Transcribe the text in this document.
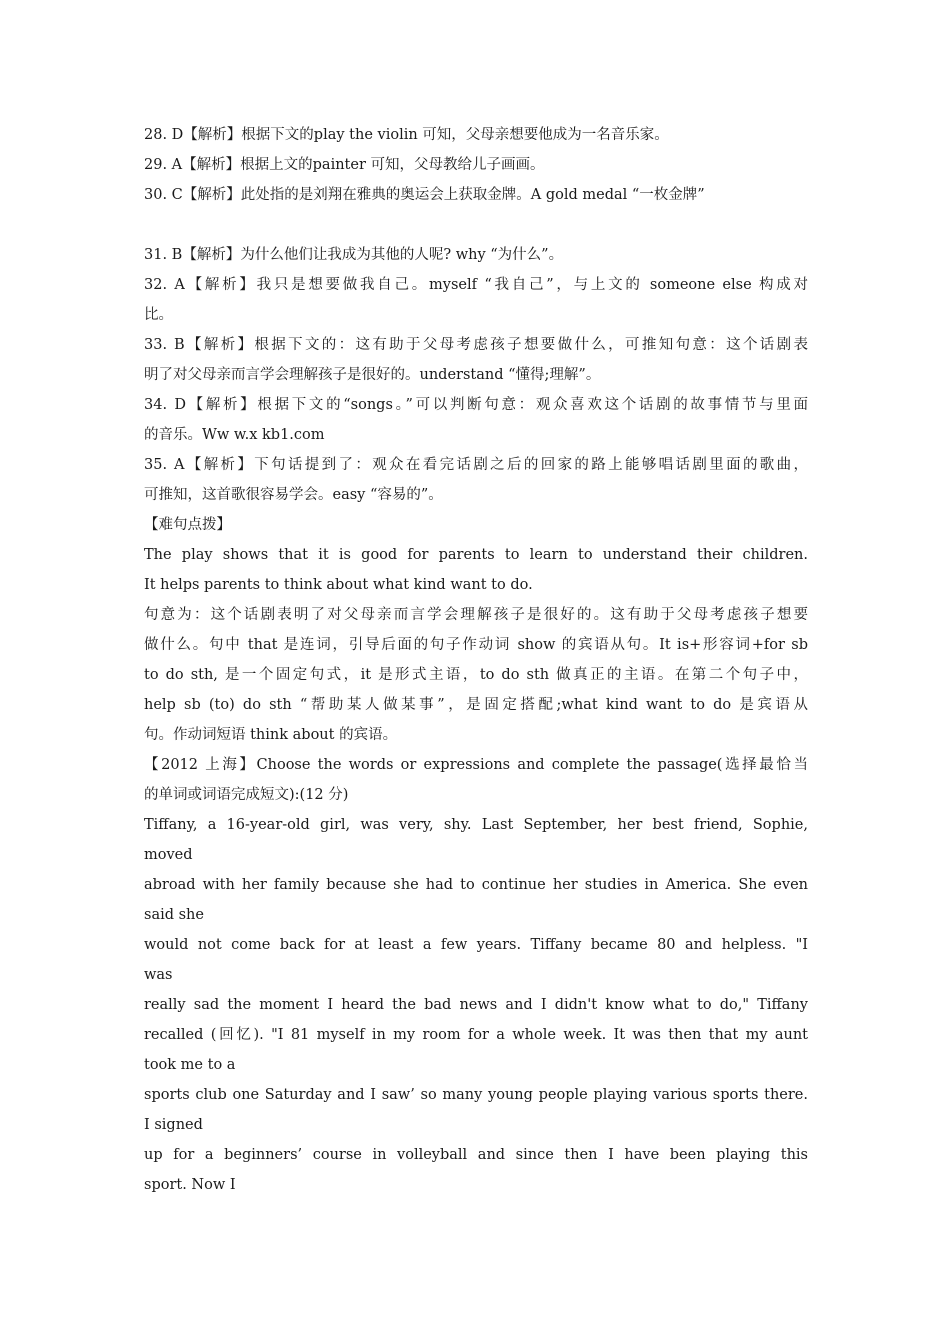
28. D【解析】根据下文的play the violin 可知，父母亲想要他成为一名音乐家。
29. A【解析】根据上文的painter 可知，父母教给儿子画画。
30. C【解析】此处指的是刘翔在雅典的奥运会上获取金牌。A gold medal “一枚金牌”
31. B【解析】为什么他们让我成为其他的人呢? why “为什么”。
32. A【解析】我只是想要做我自己。myself “我自己”，与上文的 someone else 构成对
比。
33. B【解析】根据下文的：这有助于父母考虑孩子想要做什么，可推知句意：这个话剧表
明了对父母亲而言学会理解孩子是很好的。understand “懂得;理解”。
34. D【解析】根据下文的“songs。”可以判断句意：观众喜欢这个话剧的故事情节与里面
的音乐。Ww w.x kb1.com
35. A【解析】下句话提到了：观众在看完话剧之后的回家的路上能够唱话剧里面的歌曲，
可推知，这首歌很容易学会。easy “容易的”。
【难句点拨】
The play shows that it is good for parents to learn to understand their children.
It helps parents to think about what kind want to do.
句意为：这个话剧表明了对父母亲而言学会理解孩子是很好的。这有助于父母考虑孩子想要
做什么。句中 that 是连词，引导后面的句子作动词 show 的宾语从句。It is+形容词+for sb
to do sth, 是一个固定句式，it 是形式主语，to do sth 做真正的主语。在第二个句子中，
help sb (to) do sth “帮助某人做某事”，是固定搭配;what kind want to do 是宾语从
句。作动词短语 think about 的宾语。
【2012 上海】Choose the words or expressions and complete the passage(选择最恰当
的单词或词语完成短文):(12 分)
Tiffany, a 16-year-old girl, was very, shy. Last September, her best friend, Sophie,
moved
abroad with her family because she had to continue her studies in America. She even
said she
would not come back for at least a few years. Tiffany became 80 and helpless. "I
was
really sad the moment I heard the bad news and I didn't know what to do," Tiffany
recalled (回忆). "I 81 myself in my room for a whole week. It was then that my aunt
took me to a
sports club one Saturday and I saw’ so many young people playing various sports there.
I signed
up for a beginners’ course in volleyball and since then I have been playing this
sport. Now I
